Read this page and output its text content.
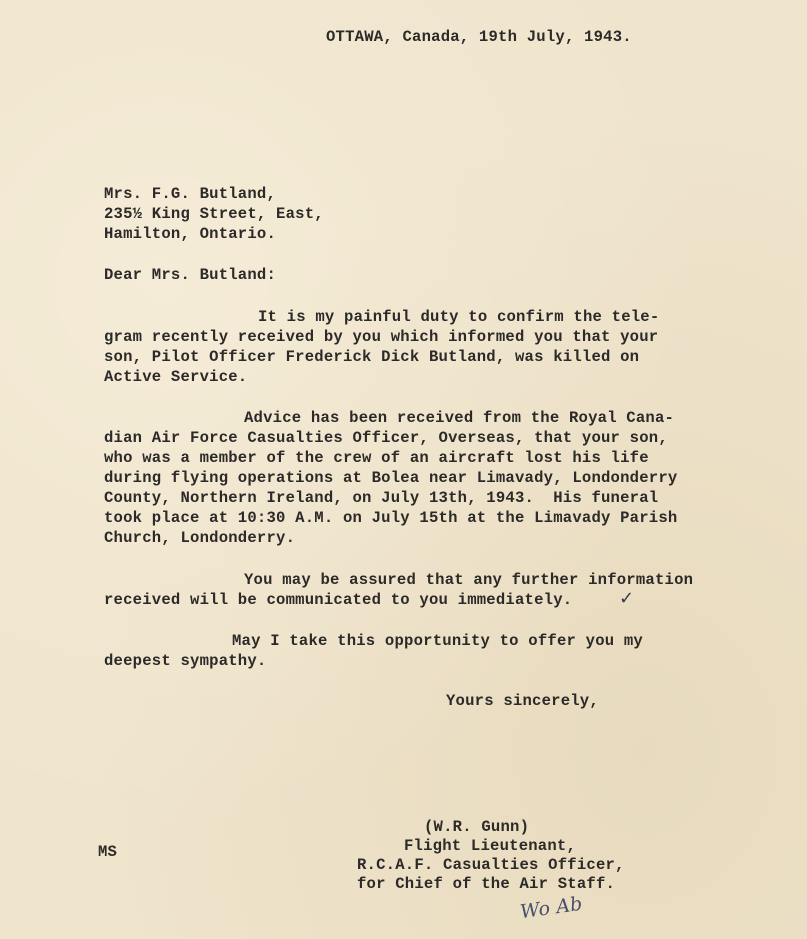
OTTAWA, Canada, 19th July, 1943.
Mrs. F.G. Butland,
235½ King Street, East,
Hamilton, Ontario.
Dear Mrs. Butland:
It is my painful duty to confirm the tele-
gram recently received by you which informed you that your
son, Pilot Officer Frederick Dick Butland, was killed on
Active Service.
Advice has been received from the Royal Cana-
dian Air Force Casualties Officer, Overseas, that your son,
who was a member of the crew of an aircraft lost his life
during flying operations at Bolea near Limavady, Londonderry
County, Northern Ireland, on July 13th, 1943.  His funeral
took place at 10:30 A.M. on July 15th at the Limavady Parish
Church, Londonderry.
You may be assured that any further information
received will be communicated to you immediately.	✓
May I take this opportunity to offer you my
deepest sympathy.
Yours sincerely,
(W.R. Gunn)
Flight Lieutenant,
R.C.A.F. Casualties Officer,
for Chief of the Air Staff.
MS
Wo Ab
